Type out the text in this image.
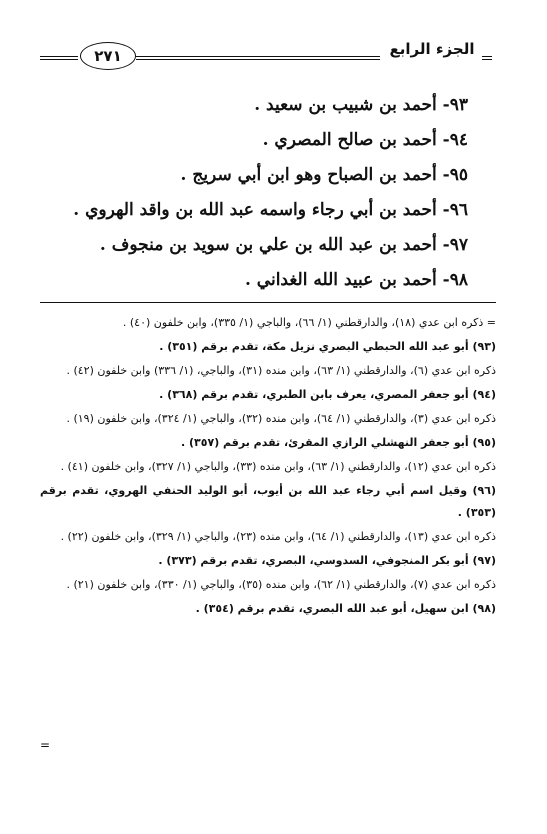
٢٧١	الجزء الرابع
٩٣- أحمد بن شبيب بن سعيد .
٩٤- أحمد بن صالح المصري .
٩٥- أحمد بن الصباح وهو ابن أبي سريج .
٩٦- أحمد بن أبي رجاء واسمه عبد الله بن واقد الهروي .
٩٧- أحمد بن عبد الله بن علي بن سويد بن منجوف .
٩٨- أحمد بن عبيد الله الغداني .

= ذكره ابن عدي (١٨)، والدارقطني (١/ ٦٦)، والباجي (١/ ٣٣٥)، وابن خلفون (٤٠) .

(٩٣) أبو عبد الله الحبطي البصري نزيل مكة، تقدم برقم (٣٥١) .

ذكره ابن عدي (٦)، والدارقطني (١/ ٦٣)، وابن منده (٣١)، والباجي، (١/ ٣٣٦) وابن خلفون (٤٢) .

(٩٤) أبو جعفر المصري، يعرف بابن الطبري، تقدم برقم (٣٦٨) .

ذكره ابن عدي (٣)، والدارقطني (١/ ٦٤)، وابن منده (٣٢)، والباجي (١/ ٣٢٤)، وابن خلفون (١٩) .

(٩٥) أبو جعفر النهشلي الرازي المقرئ، تقدم برقم (٣٥٧) .

ذكره ابن عدي (١٢)، والدارقطني (١/ ٦٣)، وابن منده (٣٣)، والباجي (١/ ٣٢٧)، وابن خلفون (٤١) .

(٩٦) وقيل اسم أبي رجاء عبد الله بن أيوب، أبو الوليد الحنفي الهروي، تقدم برقم (٣٥٣) .

ذكره ابن عدي (١٣)، والدارقطني (١/ ٦٤)، وابن منده (٢٣)، والباجي (١/ ٣٢٩)، وابن خلفون (٢٢) .

(٩٧) أبو بكر المنجوفي، السدوسي، البصري، تقدم برقم (٣٧٣) .

ذكره ابن عدي (٧)، والدارقطني (١/ ٦٢)، وابن منده (٣٥)، والباجي (١/ ٣٣٠)، وابن خلفون (٢١) .

(٩٨) ابن سهيل، أبو عبد الله البصري، تقدم برقم (٣٥٤) .

=
